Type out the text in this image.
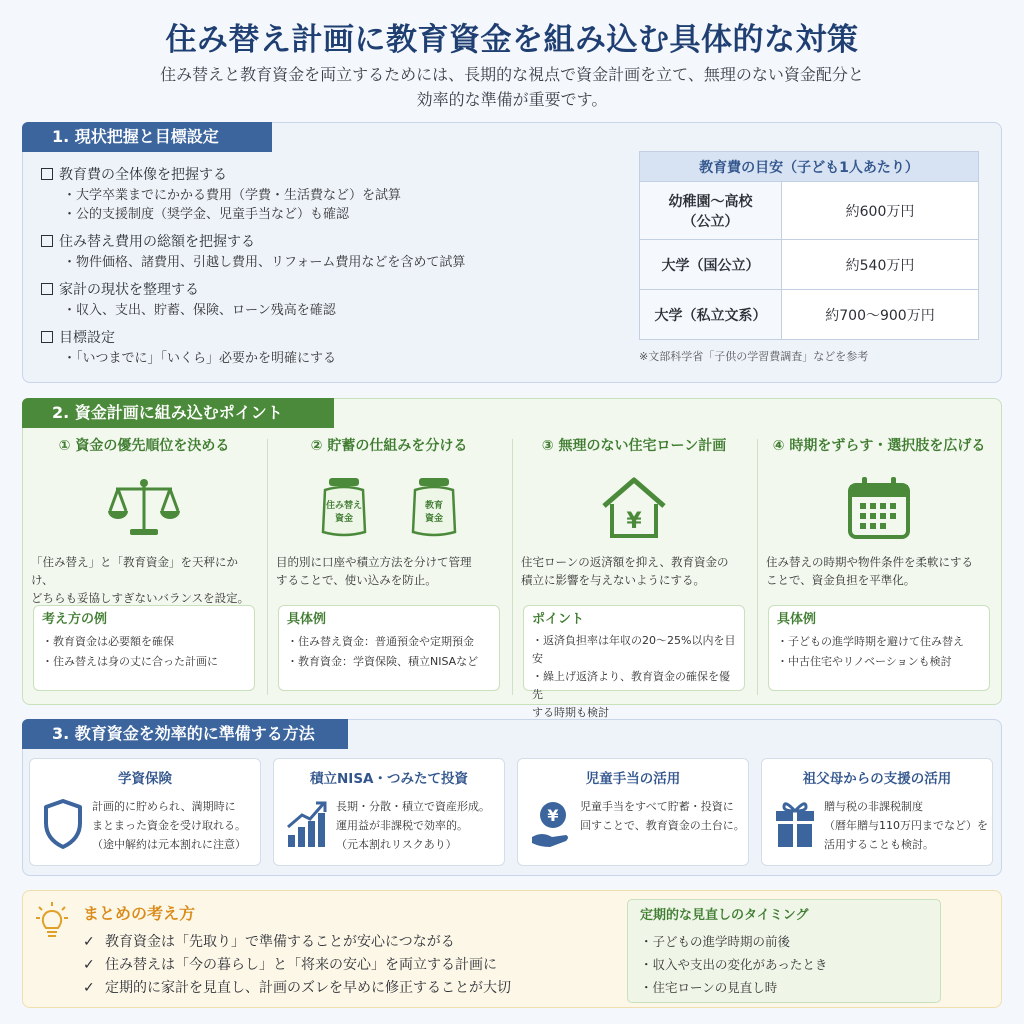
住み替え計画に教育資金を組み込む具体的な対策
住み替えと教育資金を両立するためには、長期的な視点で資金計画を立て、無理のない資金配分と
効率的な準備が重要です。
1. 現状把握と目標設定
教育費の全体像を把握する
・大学卒業までにかかる費用（学費・生活費など）を試算
・公的支援制度（奨学金、児童手当など）も確認
住み替え費用の総額を把握する
・物件価格、諸費用、引越し費用、リフォーム費用などを含めて試算
家計の現状を整理する
・収入、支出、貯蓄、保険、ローン残高を確認
目標設定
・「いつまでに」「いくら」必要かを明確にする
教育費の目安（子ども1人あたり）	

幼稚園〜高校
（公立）	約600万円
大学（国公立）	約540万円
大学（私立文系）	約700〜900万円
※文部科学省「子供の学習費調査」などを参考
2. 資金計画に組み込むポイント
① 資金の優先順位を決める
「住み替え」と「教育資金」を天秤にかけ、
どちらも妥協しすぎないバランスを設定。
考え方の例
・教育資金は必要額を確保
・住み替えは身の丈に合った計画に
② 貯蓄の仕組みを分ける
住み替え
資金
教育
資金
目的別に口座や積立方法を分けて管理
することで、使い込みを防止。
具体例
・住み替え資金：普通預金や定期預金
・教育資金：学資保険、積立NISAなど
③ 無理のない住宅ローン計画
¥
住宅ローンの返済額を抑え、教育資金の
積立に影響を与えないようにする。
ポイント
・返済負担率は年収の20〜25%以内を目安
・繰上げ返済より、教育資金の確保を優先
する時期も検討
④ 時期をずらす・選択肢を広げる
住み替えの時期や物件条件を柔軟にする
ことで、資金負担を平準化。
具体例
・子どもの進学時期を避けて住み替え
・中古住宅やリノベーションも検討
3. 教育資金を効率的に準備する方法
学資保険
計画的に貯められ、満期時に
まとまった資金を受け取れる。
（途中解約は元本割れに注意）
積立NISA・つみたて投資
長期・分散・積立で資産形成。
運用益が非課税で効率的。
（元本割れリスクあり）
児童手当の活用
¥ 児童手当をすべて貯蓄・投資に
回すことで、教育資金の土台に。
祖父母からの支援の活用
贈与税の非課税制度
（暦年贈与110万円までなど）を
活用することも検討。
まとめの考え方
✓ 教育資金は「先取り」で準備することが安心につながる
✓ 住み替えは「今の暮らし」と「将来の安心」を両立する計画に
✓ 定期的に家計を見直し、計画のズレを早めに修正することが大切
定期的な見直しのタイミング
・子どもの進学時期の前後
・収入や支出の変化があったとき
・住宅ローンの見直し時
